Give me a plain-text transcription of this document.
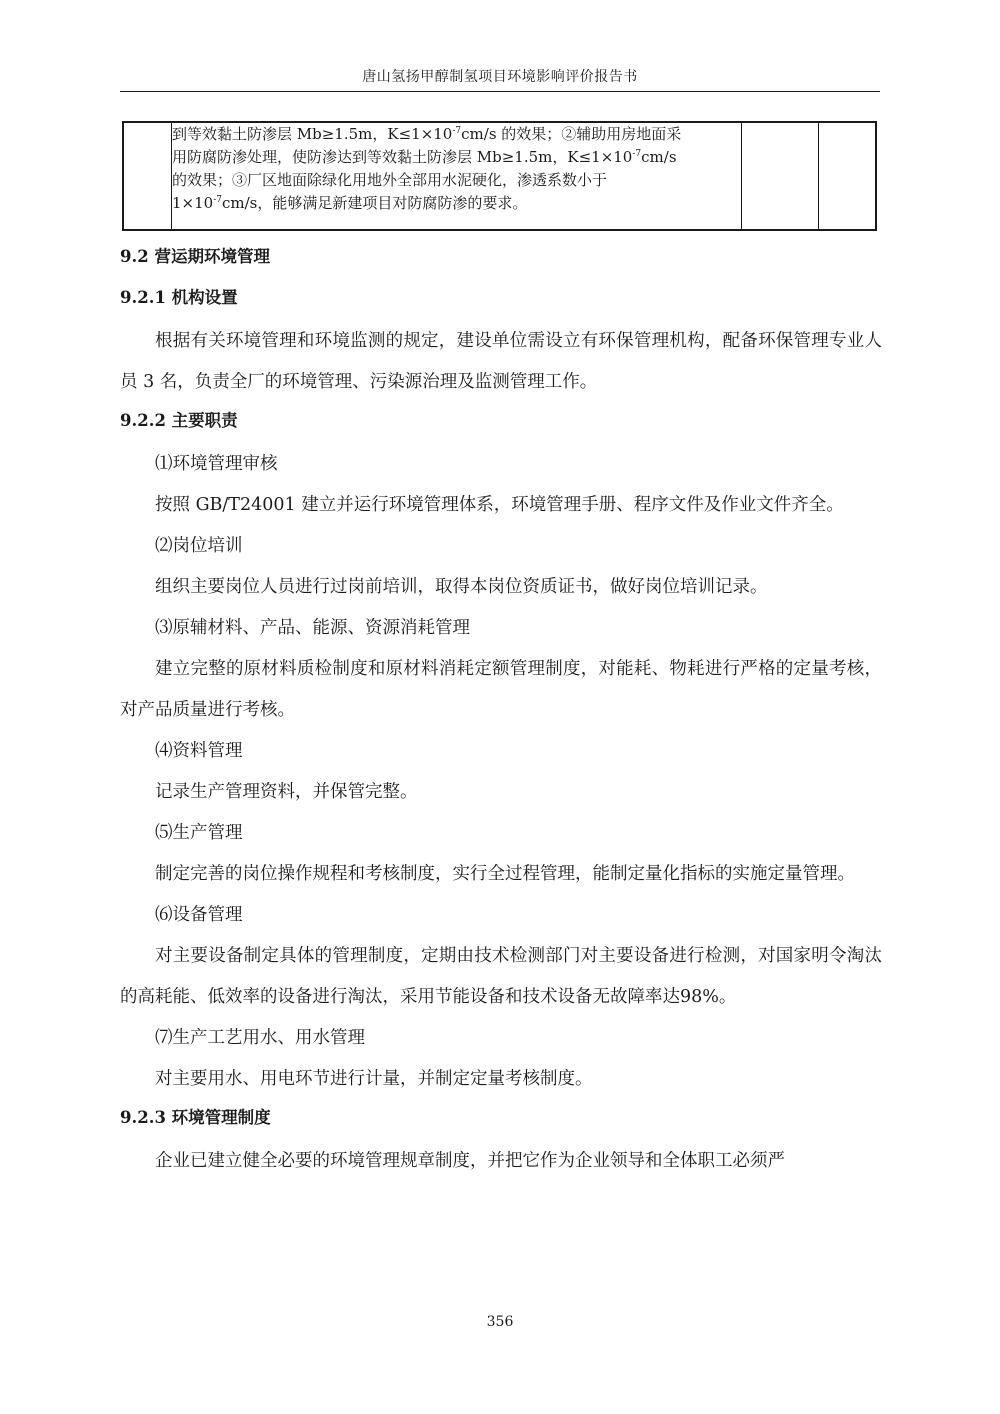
唐山氢扬甲醇制氢项目环境影响评价报告书

到等效黏土防渗层 Mb≥1.5m，$K\le 1\times 10^{-7}cm/s$ 的效果；②辅助用房地面采
用防腐防渗处理，使防渗达到等效黏土防渗层 Mb≥1.5m，$K\le 1\times 10^{-7}cm/s$
的效果；③厂区地面除绿化用地外全部用水泥硬化，渗透系数小于
$1\times 10^{-7}cm/s$，能够满足新建项目对防腐防渗的要求。

9.2 营运期环境管理
9.2.1 机构设置

根据有关环境管理和环境监测的规定，建设单位需设立有环保管理机构，配备环保管理专业人员 3 名，负责全厂的环境管理、污染源治理及监测管理工作。

9.2.2 主要职责
⑴环境管理审核

按照 GB/T24001 建立并运行环境管理体系，环境管理手册、程序文件及作业文件齐全。

⑵岗位培训

组织主要岗位人员进行过岗前培训，取得本岗位资质证书，做好岗位培训记录。

⑶原辅材料、产品、能源、资源消耗管理

建立完整的原材料质检制度和原材料消耗定额管理制度，对能耗、物耗进行严格的定量考核，对产品质量进行考核。

⑷资料管理

记录生产管理资料，并保管完整。

⑸生产管理

制定完善的岗位操作规程和考核制度，实行全过程管理，能制定量化指标的实施定量管理。

⑹设备管理

对主要设备制定具体的管理制度，定期由技术检测部门对主要设备进行检测，对国家明令淘汰的高耗能、低效率的设备进行淘汰，采用节能设备和技术设备无故障率达98%。

⑺生产工艺用水、用水管理

对主要用水、用电环节进行计量，并制定定量考核制度。

9.2.3 环境管理制度

企业已建立健全必要的环境管理规章制度，并把它作为企业领导和全体职工必须严

356
